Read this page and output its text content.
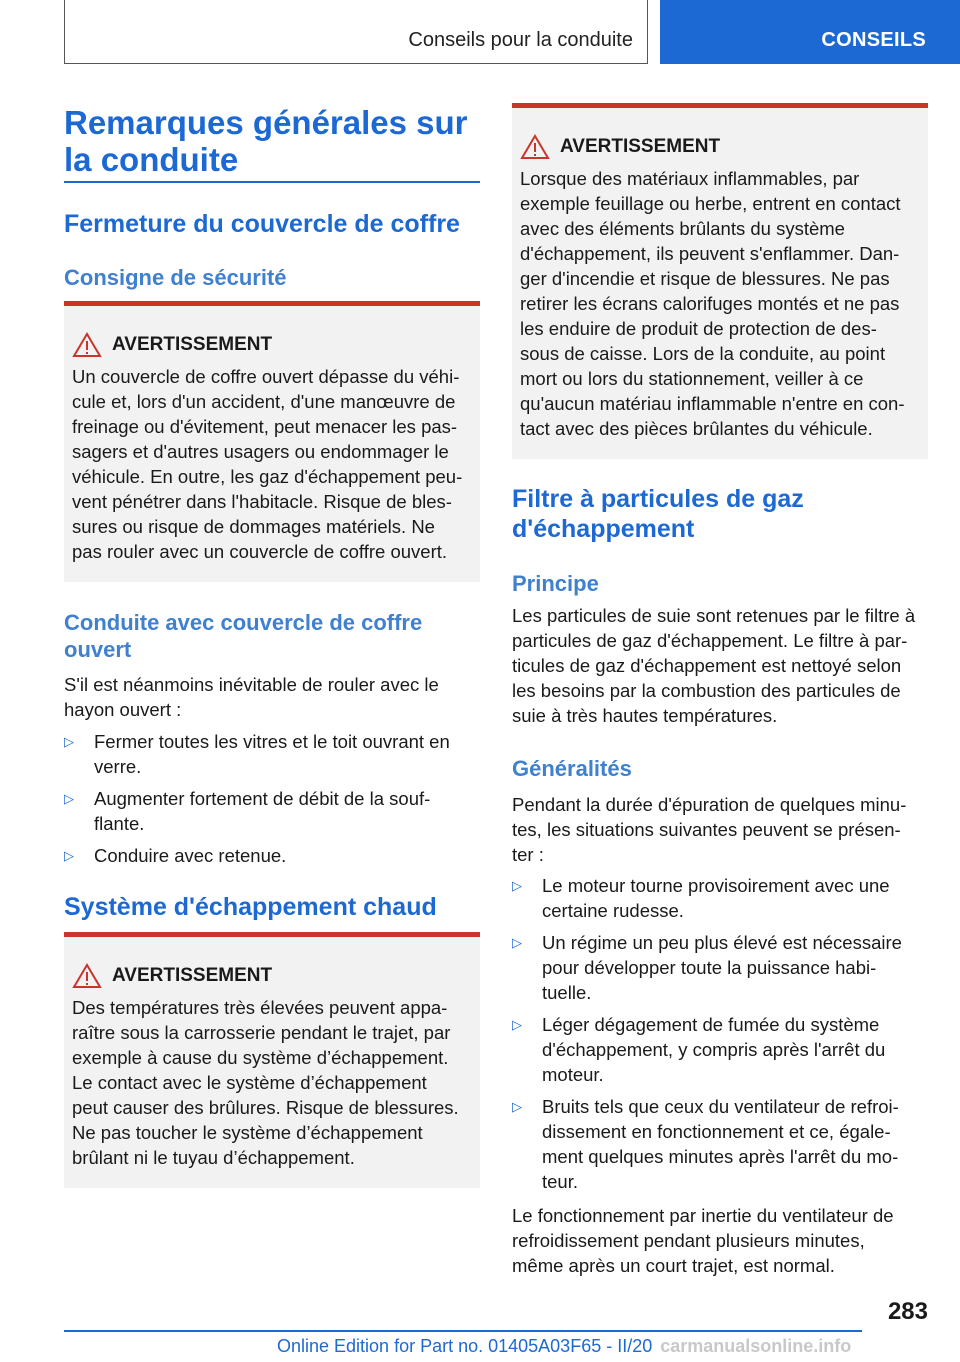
Conseils pour la conduite	CONSEILS
Remarques générales sur la conduite
Fermeture du couvercle de coffre
Consigne de sécurité
AVERTISSEMENT
Un couvercle de coffre ouvert dépasse du véhi-
cule et, lors d'un accident, d'une manœuvre de
freinage ou d'évitement, peut menacer les pas-
sagers et d'autres usagers ou endommager le
véhicule. En outre, les gaz d'échappement peu-
vent pénétrer dans l'habitacle. Risque de bles-
sures ou risque de dommages matériels. Ne
pas rouler avec un couvercle de coffre ouvert.
Conduite avec couvercle de coffre
ouvert
S'il est néanmoins inévitable de rouler avec le
hayon ouvert :
▷ Fermer toutes les vitres et le toit ouvrant en
verre.
▷ Augmenter fortement de débit de la souf-
flante.
▷ Conduire avec retenue.
Système d'échappement chaud
AVERTISSEMENT
Des températures très élevées peuvent appa-
raître sous la carrosserie pendant le trajet, par
exemple à cause du système d’échappement.
Le contact avec le système d’échappement
peut causer des brûlures. Risque de blessures.
Ne pas toucher le système d’échappement
brûlant ni le tuyau d’échappement.
AVERTISSEMENT
Lorsque des matériaux inflammables, par
exemple feuillage ou herbe, entrent en contact
avec des éléments brûlants du système
d'échappement, ils peuvent s'enflammer. Dan-
ger d'incendie et risque de blessures. Ne pas
retirer les écrans calorifuges montés et ne pas
les enduire de produit de protection de des-
sous de caisse. Lors de la conduite, au point
mort ou lors du stationnement, veiller à ce
qu'aucun matériau inflammable n'entre en con-
tact avec des pièces brûlantes du véhicule.
Filtre à particules de gaz
d'échappement
Principe
Les particules de suie sont retenues par le filtre à
particules de gaz d'échappement. Le filtre à par-
ticules de gaz d'échappement est nettoyé selon
les besoins par la combustion des particules de
suie à très hautes températures.
Généralités
Pendant la durée d'épuration de quelques minu-
tes, les situations suivantes peuvent se présen-
ter :
▷ Le moteur tourne provisoirement avec une
certaine rudesse.
▷ Un régime un peu plus élevé est nécessaire
pour développer toute la puissance habi-
tuelle.
▷ Léger dégagement de fumée du système
d'échappement, y compris après l'arrêt du
moteur.
▷ Bruits tels que ceux du ventilateur de refroi-
dissement en fonctionnement et ce, égale-
ment quelques minutes après l'arrêt du mo-
teur.
Le fonctionnement par inertie du ventilateur de
refroidissement pendant plusieurs minutes,
même après un court trajet, est normal.
283
Online Edition for Part no. 01405A03F65 - II/20 carmanualsonline.info
